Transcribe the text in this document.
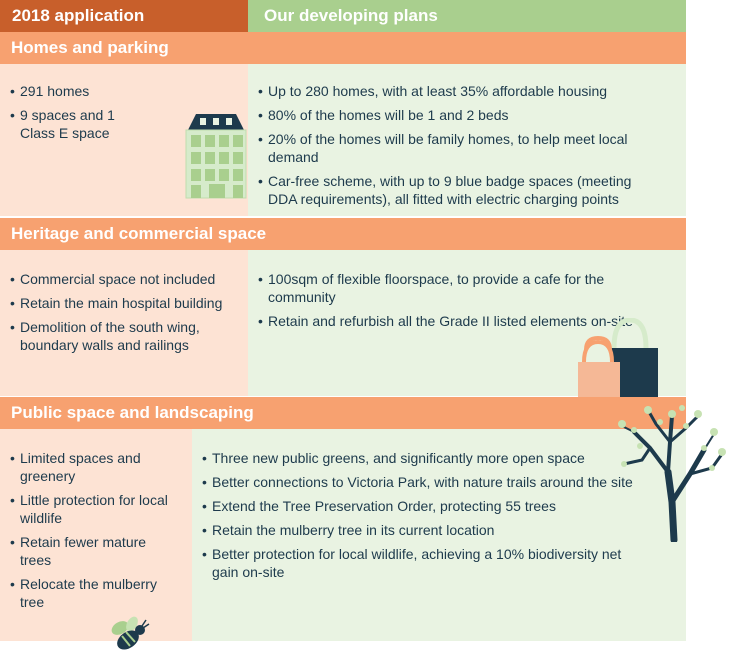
2018 application	Our developing plans
Homes and parking
• 291 homes
• 9 spaces and 1 Class E space
• Up to 280 homes, with at least 35% affordable housing
• 80% of the homes will be 1 and 2 beds
• 20% of the homes will be family homes, to help meet local demand
• Car-free scheme, with up to 9 blue badge spaces (meeting DDA requirements), all fitted with electric charging points
Heritage and commercial space
• Commercial space not included
• Retain the main hospital building
• Demolition of the south wing, boundary walls and railings
• 100sqm of flexible floorspace, to provide a cafe for the community
• Retain and refurbish all the Grade II listed elements on-site
Public space and landscaping
• Limited spaces and greenery
• Little protection for local wildlife
• Retain fewer mature trees
• Relocate the mulberry tree
• Three new public greens, and significantly more open space
• Better connections to Victoria Park, with nature trails around the site
• Extend the Tree Preservation Order, protecting 55 trees
• Retain the mulberry tree in its current location
• Better protection for local wildlife, achieving a 10% biodiversity net gain on-site
